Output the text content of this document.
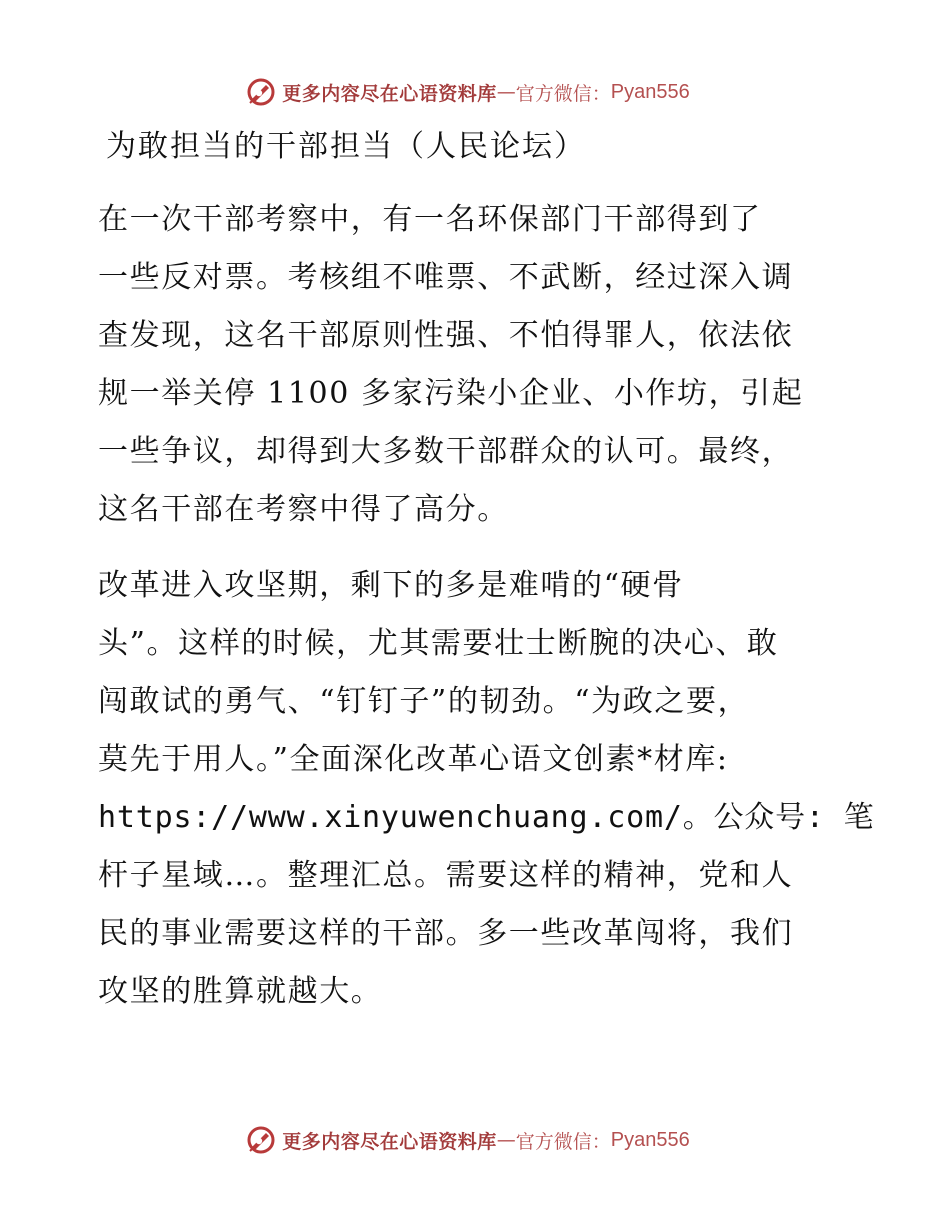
更多内容尽在心语资料库 — 官方微信： Pyan556
为敢担当的干部担当（人民论坛）

在一次干部考察中，有一名环保部门干部得到了

一些反对票。考核组不唯票、不武断，经过深入调

查发现，这名干部原则性强、不怕得罪人，依法依

规一举关停 1100 多家污染小企业、小作坊，引起

一些争议，却得到大多数干部群众的认可。最终，

这名干部在考察中得了高分。

改革进入攻坚期，剩下的多是难啃的“硬骨

头”。这样的时候，尤其需要壮士断腕的决心、敢

闯敢试的勇气、“钉钉子”的韧劲。“为政之要，

莫先于用人。”全面深化改革心语文创素*材库:

https://www.xinyuwenchuang.com/。公众号: 笔

杆子星域…。整理汇总。需要这样的精神，党和人

民的事业需要这样的干部。多一些改革闯将，我们

攻坚的胜算就越大。

更多内容尽在心语资料库 — 官方微信： Pyan556
